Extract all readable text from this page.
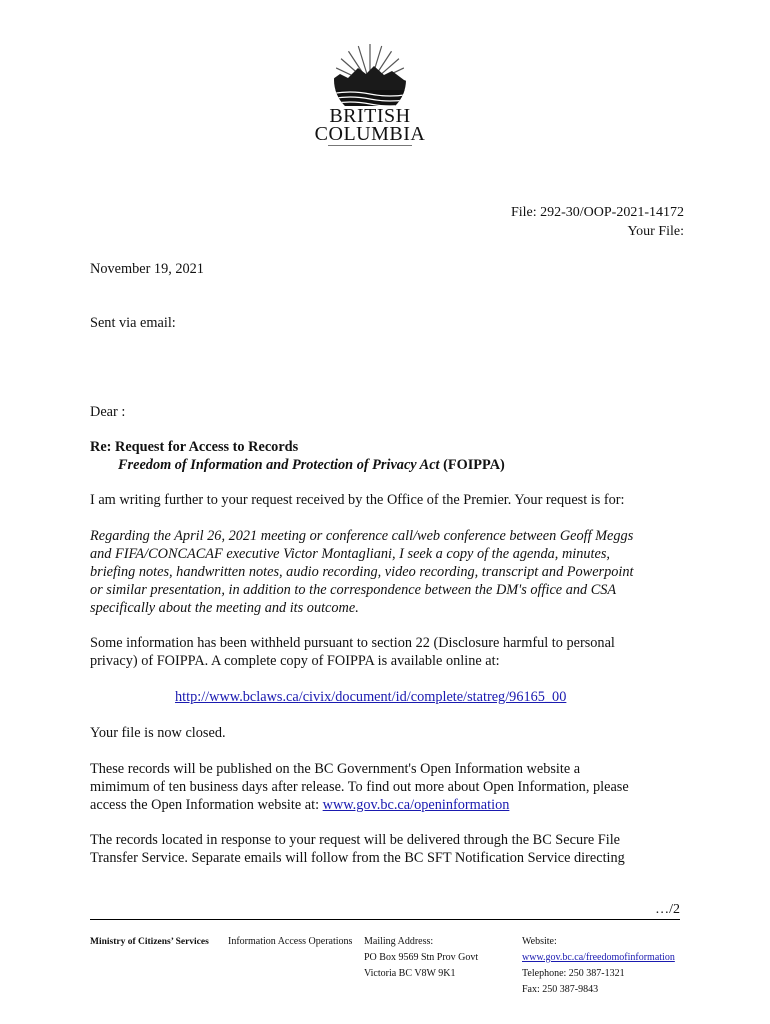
BRITISH
COLUMBIA
File: 292-30/OOP-2021-14172
Your File:
November 19, 2021
Sent via email:
Dear :
Re: Request for Access to Records
Freedom of Information and Protection of Privacy Act (FOIPPA)
I am writing further to your request received by the Office of the Premier. Your request is for:
Regarding the April 26, 2021 meeting or conference call/web conference between Geoff Meggs
and FIFA/CONCACAF executive Victor Montagliani, I seek a copy of the agenda, minutes,
briefing notes, handwritten notes, audio recording, video recording, transcript and Powerpoint
or similar presentation, in addition to the correspondence between the DM's office and CSA
specifically about the meeting and its outcome.
Some information has been withheld pursuant to section 22 (Disclosure harmful to personal
privacy) of FOIPPA. A complete copy of FOIPPA is available online at:
http://www.bclaws.ca/civix/document/id/complete/statreg/96165_00
Your file is now closed.
These records will be published on the BC Government's Open Information website a
mimimum of ten business days after release. To find out more about Open Information, please
access the Open Information website at: www.gov.bc.ca/openinformation
The records located in response to your request will be delivered through the BC Secure File
Transfer Service. Separate emails will follow from the BC SFT Notification Service directing
…/2
Ministry of Citizens’ Services Information Access Operations Mailing Address:
PO Box 9569 Stn Prov Govt
Victoria BC V8W 9K1
Website:
www.gov.bc.ca/freedomofinformation
Telephone: 250 387-1321
Fax: 250 387-9843
